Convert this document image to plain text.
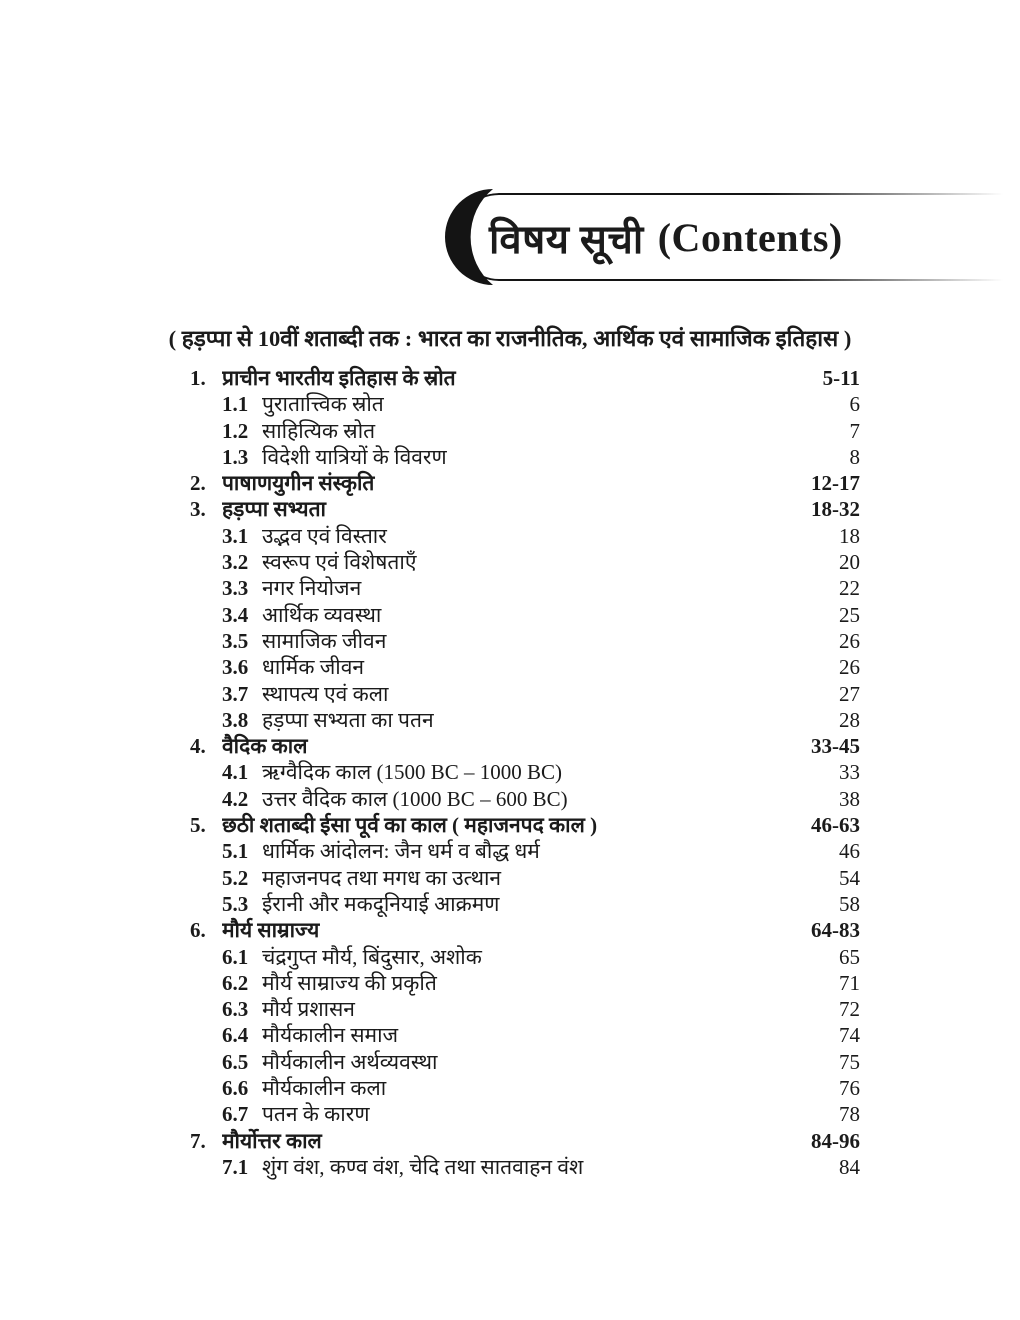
विषय सूची (Contents)
( हड़प्पा से 10वीं शताब्दी तक : भारत का राजनीतिक, आर्थिक एवं सामाजिक इतिहास )
1. प्राचीन भारतीय इतिहास के स्रोत	5-11
1.1 पुरातात्त्विक स्रोत	6
1.2 साहित्यिक स्रोत	7
1.3 विदेशी यात्रियों के विवरण	8
2. पाषाणयुगीन संस्कृति	12-17
3. हड़प्पा सभ्यता	18-32
3.1 उद्भव एवं विस्तार	18
3.2 स्वरूप एवं विशेषताएँ	20
3.3 नगर नियोजन	22
3.4 आर्थिक व्यवस्था	25
3.5 सामाजिक जीवन	26
3.6 धार्मिक जीवन	26
3.7 स्थापत्य एवं कला	27
3.8 हड़प्पा सभ्यता का पतन	28
4. वैदिक काल	33-45
4.1 ऋग्वैदिक काल (1500 BC – 1000 BC)	33
4.2 उत्तर वैदिक काल (1000 BC – 600 BC)	38
5. छठी शताब्दी ईसा पूर्व का काल ( महाजनपद काल )	46-63
5.1 धार्मिक आंदोलन: जैन धर्म व बौद्ध धर्म	46
5.2 महाजनपद तथा मगध का उत्थान	54
5.3 ईरानी और मकदूनियाई आक्रमण	58
6. मौर्य साम्राज्य	64-83
6.1 चंद्रगुप्त मौर्य, बिंदुसार, अशोक	65
6.2 मौर्य साम्राज्य की प्रकृति	71
6.3 मौर्य प्रशासन	72
6.4 मौर्यकालीन समाज	74
6.5 मौर्यकालीन अर्थव्यवस्था	75
6.6 मौर्यकालीन कला	76
6.7 पतन के कारण	78
7. मौर्योत्तर काल	84-96
7.1 शुंग वंश, कण्व वंश, चेदि तथा सातवाहन वंश	84
